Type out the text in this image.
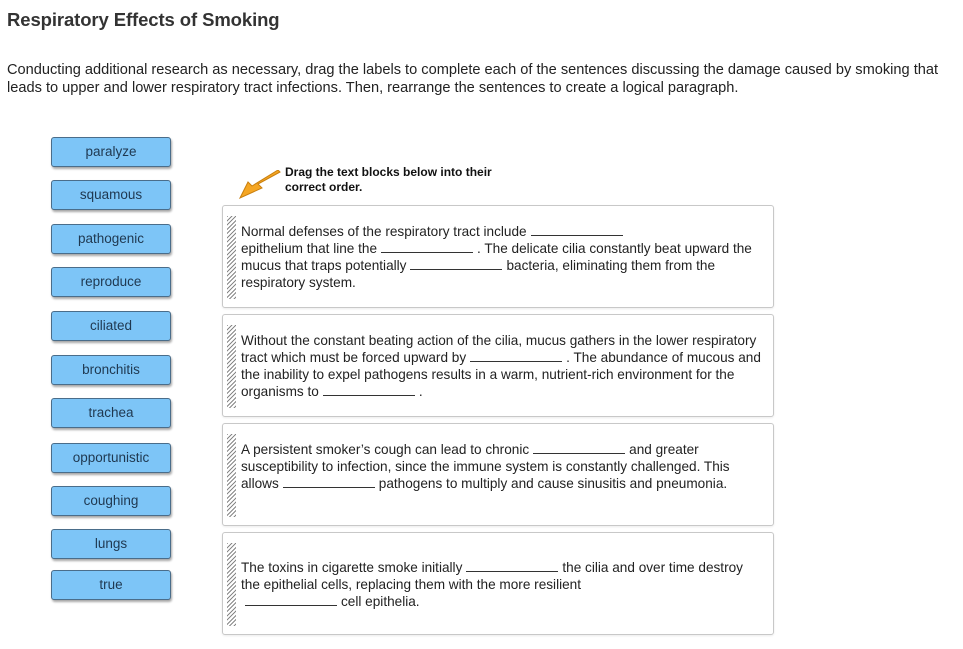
Respiratory Effects of Smoking
Conducting additional research as necessary, drag the labels to complete each of the sentences discussing the damage caused by smoking that leads to upper and lower respiratory tract infections. Then, rearrange the sentences to create a logical paragraph.
paralyze
squamous
pathogenic
reproduce
ciliated
bronchitis
trachea
opportunistic
coughing
lungs
true
Drag the text blocks below into their correct order.
Normal defenses of the respiratory tract include
epithelium that line the	. The delicate cilia constantly beat upward the mucus that traps potentially	bacteria, eliminating them from the respiratory system.
Without the constant beating action of the cilia, mucus gathers in the lower respiratory tract which must be forced upward by	. The abundance of mucous and the inability to expel pathogens results in a warm, nutrient-rich environment for the organisms to	.
A persistent smoker’s cough can lead to chronic	and greater susceptibility to infection, since the immune system is constantly challenged. This allows	pathogens to multiply and cause sinusitis and pneumonia.
The toxins in cigarette smoke initially	the cilia and over time destroy the epithelial cells, replacing them with the more resilient
cell epithelia.
